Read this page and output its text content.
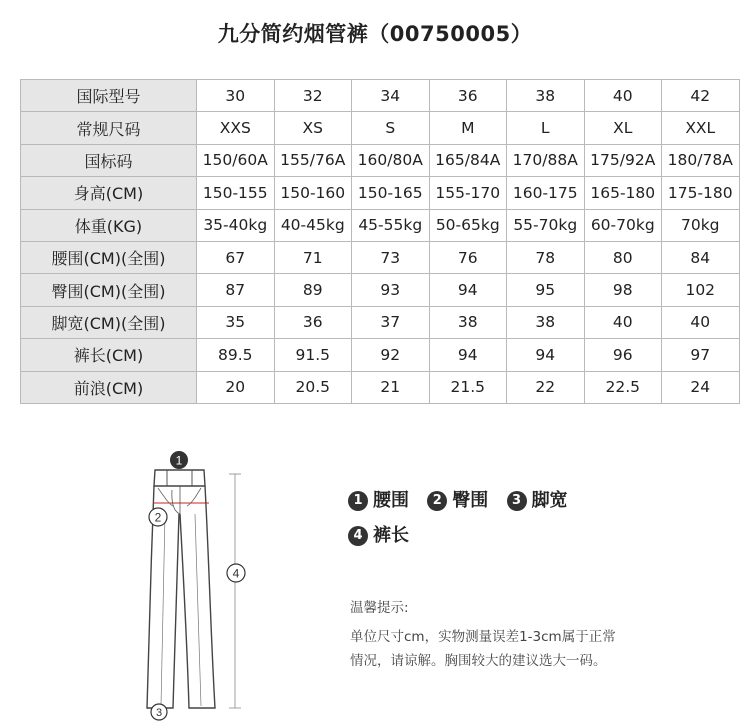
九分简约烟管裤（00750005）
国际型号	30	32	34	36	38	40	42
常规尺码	XXS	XS	S	M	L	XL	XXL
国标码	150/60A	155/76A	160/80A	165/84A	170/88A	175/92A	180/78A
身高(CM)	150-155	150-160	150-165	155-170	160-175	165-180	175-180
体重(KG)	35-40kg	40-45kg	45-55kg	50-65kg	55-70kg	60-70kg	70kg
腰围(CM)(全围)	67	71	73	76	78	80	84
臀围(CM)(全围)	87	89	93	94	95	98	102
脚宽(CM)(全围)	35	36	37	38	38	40	40
裤长(CM)	89.5	91.5	92	94	94	96	97
前浪(CM)	20	20.5	21	21.5	22	22.5	24
1
2
4
3
1 腰围 2 臀围 3 脚宽
4 裤长
温馨提示:
单位尺寸cm，实物测量误差1-3cm属于正常
情况，请谅解。胸围较大的建议选大一码。
